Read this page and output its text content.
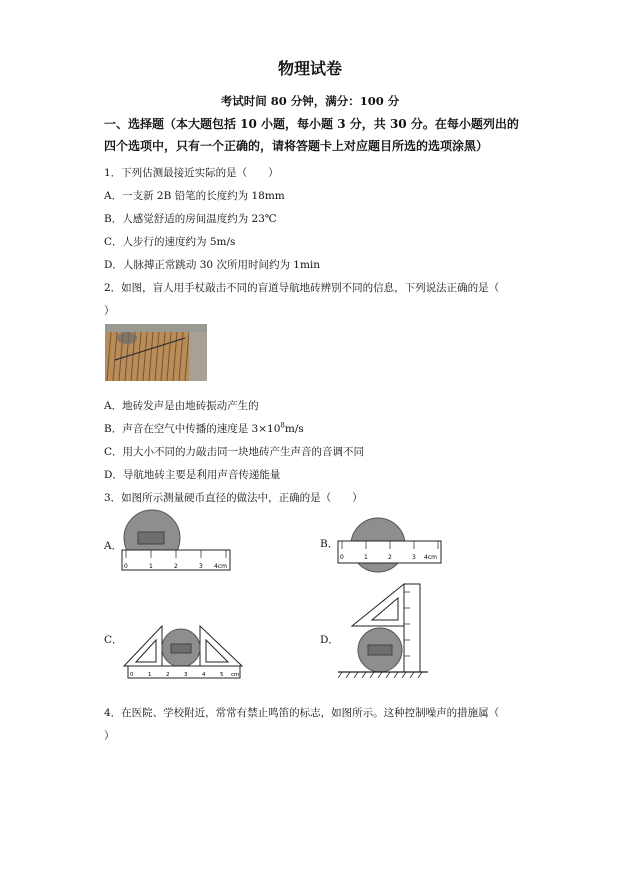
物理试卷
考试时间 80 分钟，满分：100 分
一、选择题（本大题包括 10 小题，每小题 3 分，共 30 分。在每小题列出的
四个选项中，只有一个正确的，请将答题卡上对应题目所选的选项涂黑）
1．下列估测最接近实际的是（　　）
A．一支新 2B 铅笔的长度约为 18mm
B．人感觉舒适的房间温度约为 23℃
C．人步行的速度约为 5m/s
D．人脉搏正常跳动 30 次所用时间约为 1min
2．如图，盲人用手杖敲击不同的盲道导航地砖辨别不同的信息，下列说法正确的是（
）
A．地砖发声是由地砖振动产生的
B．声音在空气中传播的速度是 $3\times 10^8m/s$
C．用大小不同的力敲击同一块地砖产生声音的音调不同
D．导航地砖主要是利用声音传递能量
3．如图所示测量硬币直径的做法中，正确的是（　　）
A．
0	1	2	3 4cm
B．
0	1	2	3 4cm
C．
0	1	2	3	4	5 cm
D．
4．在医院、学校附近，常常有禁止鸣笛的标志，如图所示。这种控制噪声的措施属（
）
